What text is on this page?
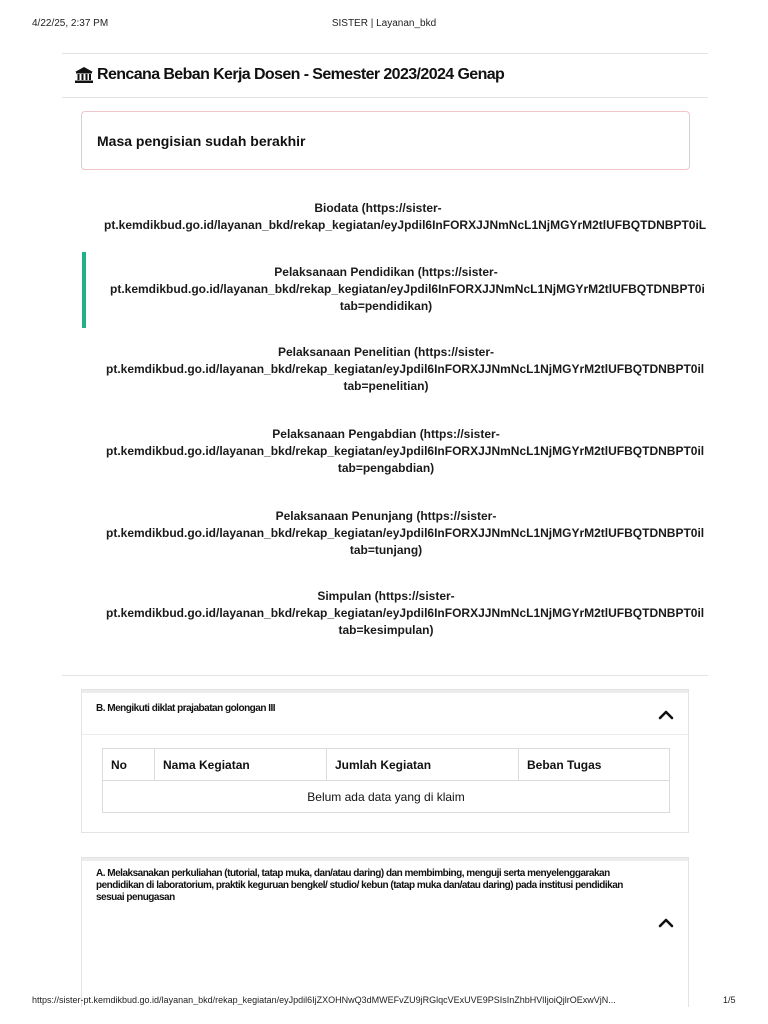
4/22/25, 2:37 PM	SISTER | Layanan_bkd
Rencana Beban Kerja Dosen - Semester 2023/2024 Genap
Masa pengisian sudah berakhir
Biodata (https://sister-
pt.kemdikbud.go.id/layanan_bkd/rekap_kegiatan/eyJpdil6InFORXJJNmNcL1NjMGYrM2tlUFBQTDNBPT0iL
Pelaksanaan Pendidikan (https://sister-
pt.kemdikbud.go.id/layanan_bkd/rekap_kegiatan/eyJpdil6InFORXJJNmNcL1NjMGYrM2tlUFBQTDNBPT0i
tab=pendidikan)
Pelaksanaan Penelitian (https://sister-
pt.kemdikbud.go.id/layanan_bkd/rekap_kegiatan/eyJpdil6InFORXJJNmNcL1NjMGYrM2tlUFBQTDNBPT0il
tab=penelitian)
Pelaksanaan Pengabdian (https://sister-
pt.kemdikbud.go.id/layanan_bkd/rekap_kegiatan/eyJpdil6InFORXJJNmNcL1NjMGYrM2tlUFBQTDNBPT0il
tab=pengabdian)
Pelaksanaan Penunjang (https://sister-
pt.kemdikbud.go.id/layanan_bkd/rekap_kegiatan/eyJpdil6InFORXJJNmNcL1NjMGYrM2tlUFBQTDNBPT0il
tab=tunjang)
Simpulan (https://sister-
pt.kemdikbud.go.id/layanan_bkd/rekap_kegiatan/eyJpdil6InFORXJJNmNcL1NjMGYrM2tlUFBQTDNBPT0il
tab=kesimpulan)
B. Mengikuti diklat prajabatan golongan III
No	Nama Kegiatan	Jumlah Kegiatan	Beban Tugas
Belum ada data yang di klaim
A. Melaksanakan perkuliahan (tutorial, tatap muka, dan/atau daring) dan membimbing, menguji serta menyelenggarakan
pendidikan di laboratorium, praktik keguruan bengkel/ studio/ kebun (tatap muka dan/atau daring) pada institusi pendidikan
sesuai penugasan
https://sister-pt.kemdikbud.go.id/layanan_bkd/rekap_kegiatan/eyJpdil6IjZXOHNwQ3dMWEFvZU9jRGlqcVExUVE9PSIsInZhbHVlIjoiQjlrOExwVjN...	1/5
